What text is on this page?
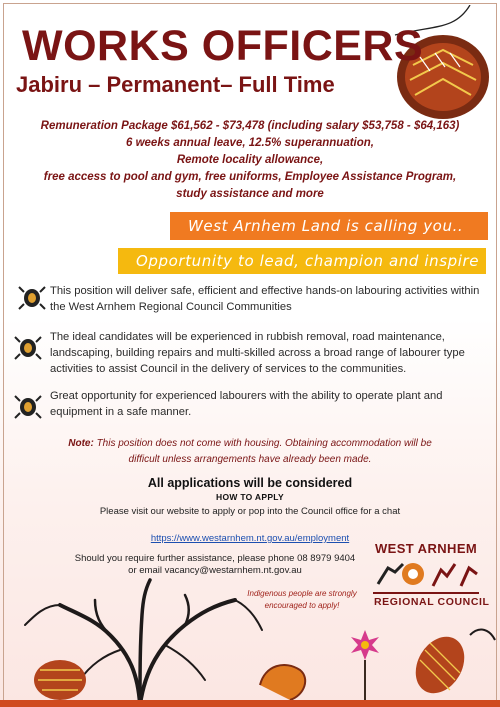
WORKS OFFICERS
Jabiru – Permanent– Full Time
Remuneration Package $61,562 - $73,478 (including salary $53,758 - $64,163)
6 weeks annual leave, 12.5% superannuation,
Remote locality allowance,
free access to pool and gym, free uniforms, Employee Assistance Program,
study assistance and more
West Arnhem Land is calling you..
Opportunity to lead, champion and inspire
This position will deliver safe, efficient and effective hands-on labouring activities within the West Arnhem Regional Council Communities
The ideal candidates will be experienced in rubbish removal, road maintenance, landscaping, building repairs and multi-skilled across a broad range of labourer type activities to assist Council in the delivery of services to the communities.
Great opportunity for experienced labourers with the ability to operate plant and equipment in a safe manner.
Note: This position does not come with housing. Obtaining accommodation will be
difficult unless arrangements have already been made.
All applications will be considered
HOW TO APPLY
Please visit our website to apply or pop into the Council office for a chat
https://www.westarnhem.nt.gov.au/employment
Should you require further assistance, please phone 08 8979 9404
or email vacancy@westarnhem.nt.gov.au
WEST ARNHEM
REGIONAL COUNCIL
Indigenous people are strongly
encouraged to apply!
